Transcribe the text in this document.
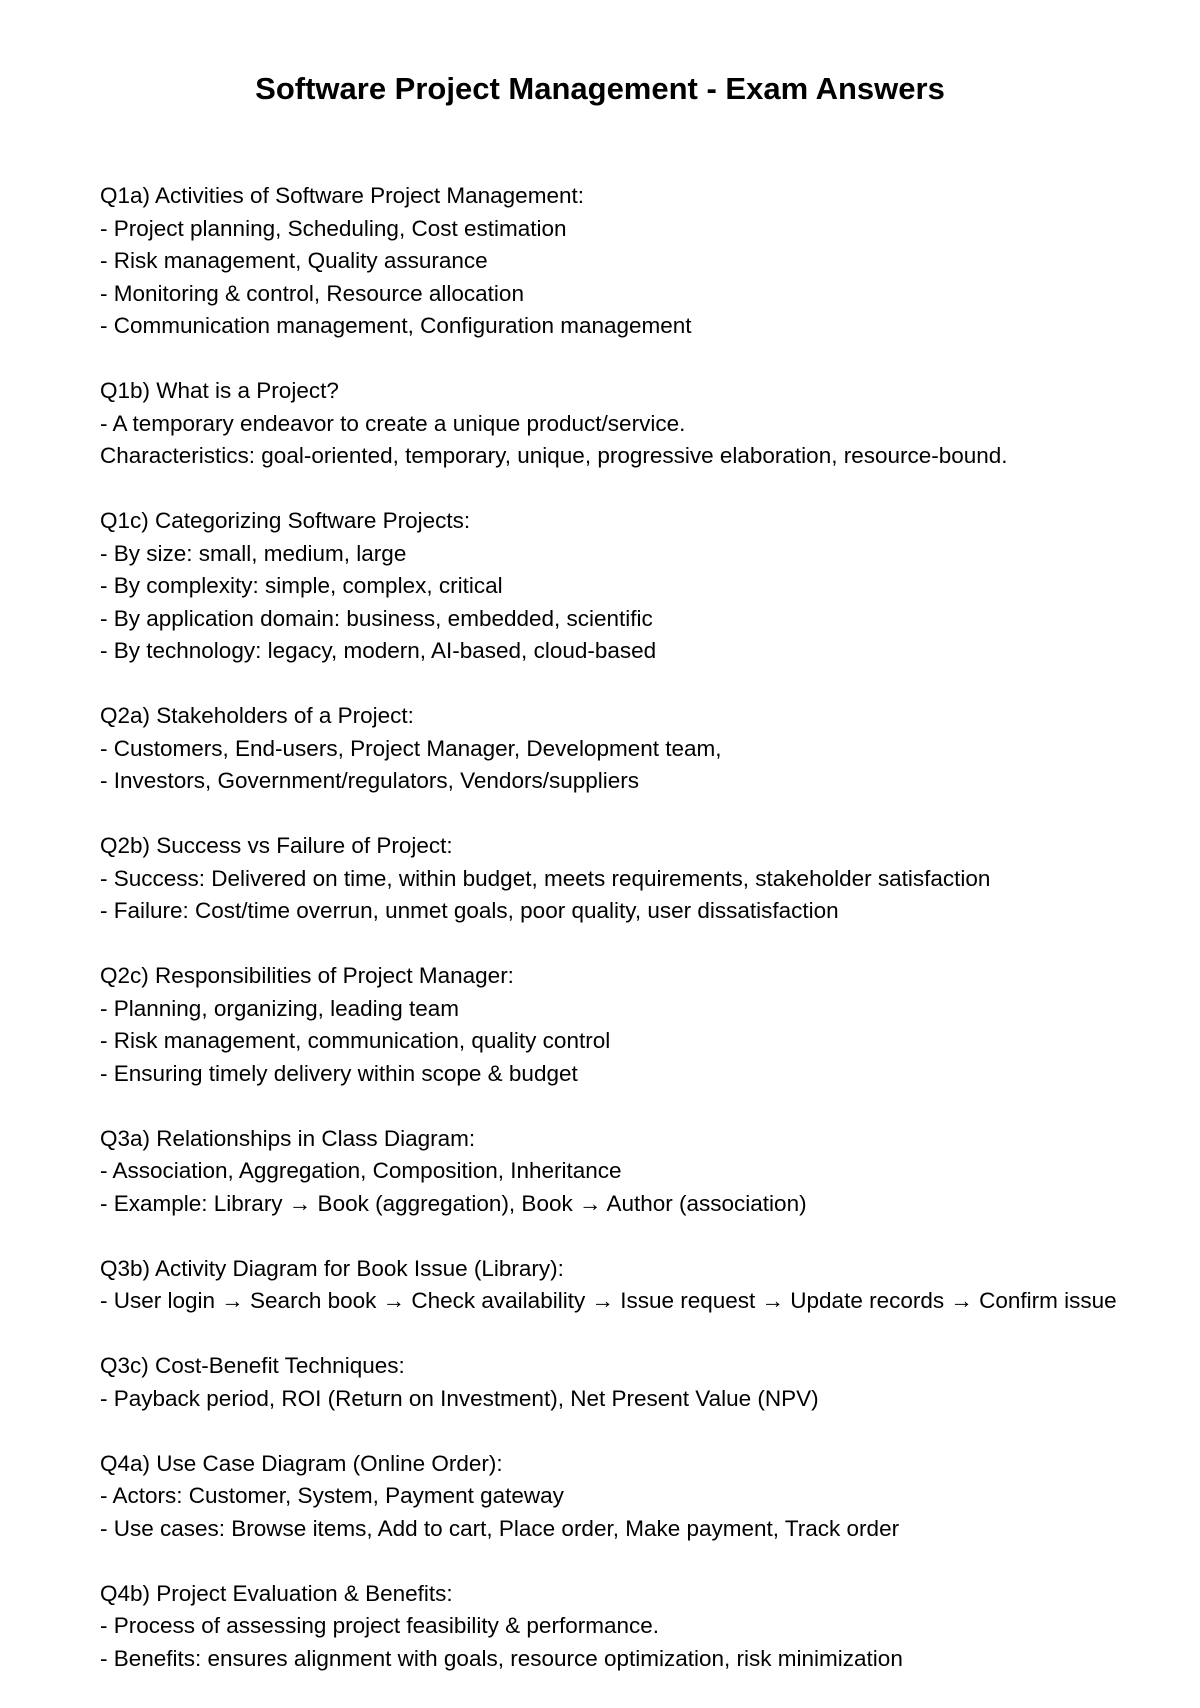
Software Project Management - Exam Answers
Q1a) Activities of Software Project Management:
- Project planning, Scheduling, Cost estimation
- Risk management, Quality assurance
- Monitoring & control, Resource allocation
- Communication management, Configuration management
Q1b) What is a Project?
- A temporary endeavor to create a unique product/service.
Characteristics: goal-oriented, temporary, unique, progressive elaboration, resource-bound.
Q1c) Categorizing Software Projects:
- By size: small, medium, large
- By complexity: simple, complex, critical
- By application domain: business, embedded, scientific
- By technology: legacy, modern, AI-based, cloud-based
Q2a) Stakeholders of a Project:
- Customers, End-users, Project Manager, Development team,
- Investors, Government/regulators, Vendors/suppliers
Q2b) Success vs Failure of Project:
- Success: Delivered on time, within budget, meets requirements, stakeholder satisfaction
- Failure: Cost/time overrun, unmet goals, poor quality, user dissatisfaction
Q2c) Responsibilities of Project Manager:
- Planning, organizing, leading team
- Risk management, communication, quality control
- Ensuring timely delivery within scope & budget
Q3a) Relationships in Class Diagram:
- Association, Aggregation, Composition, Inheritance
- Example: Library → Book (aggregation), Book → Author (association)
Q3b) Activity Diagram for Book Issue (Library):
- User login → Search book → Check availability → Issue request → Update records → Confirm issue
Q3c) Cost-Benefit Techniques:
- Payback period, ROI (Return on Investment), Net Present Value (NPV)
Q4a) Use Case Diagram (Online Order):
- Actors: Customer, System, Payment gateway
- Use cases: Browse items, Add to cart, Place order, Make payment, Track order
Q4b) Project Evaluation & Benefits:
- Process of assessing project feasibility & performance.
- Benefits: ensures alignment with goals, resource optimization, risk minimization
